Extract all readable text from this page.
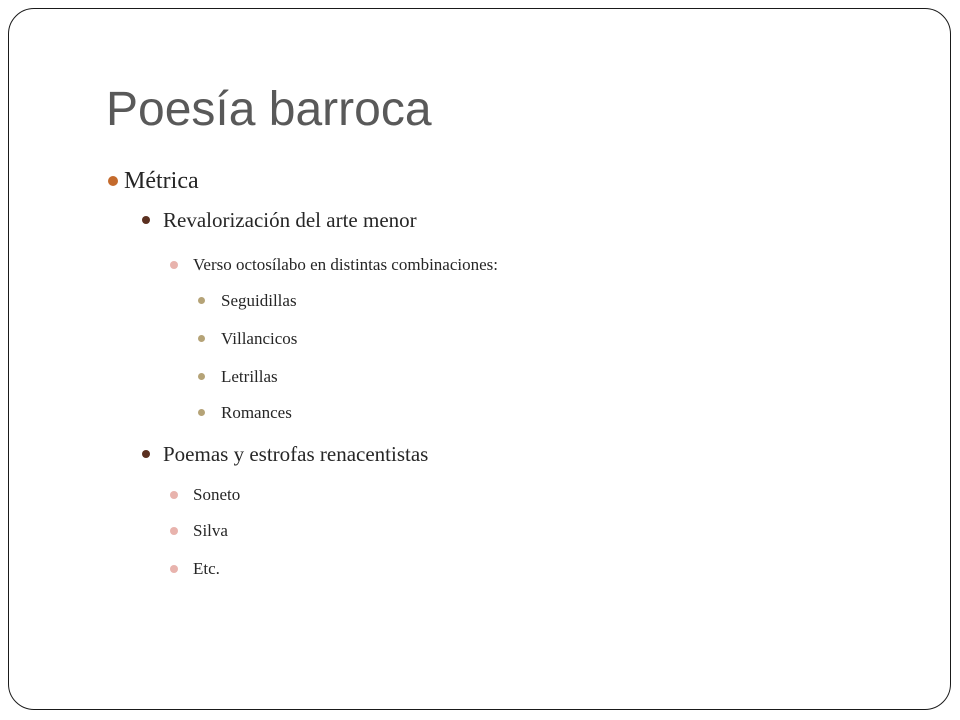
Poesía barroca
Métrica
Revalorización del arte menor
Verso octosílabo en distintas combinaciones:
Seguidillas
Villancicos
Letrillas
Romances
Poemas y estrofas renacentistas
Soneto
Silva
Etc.
